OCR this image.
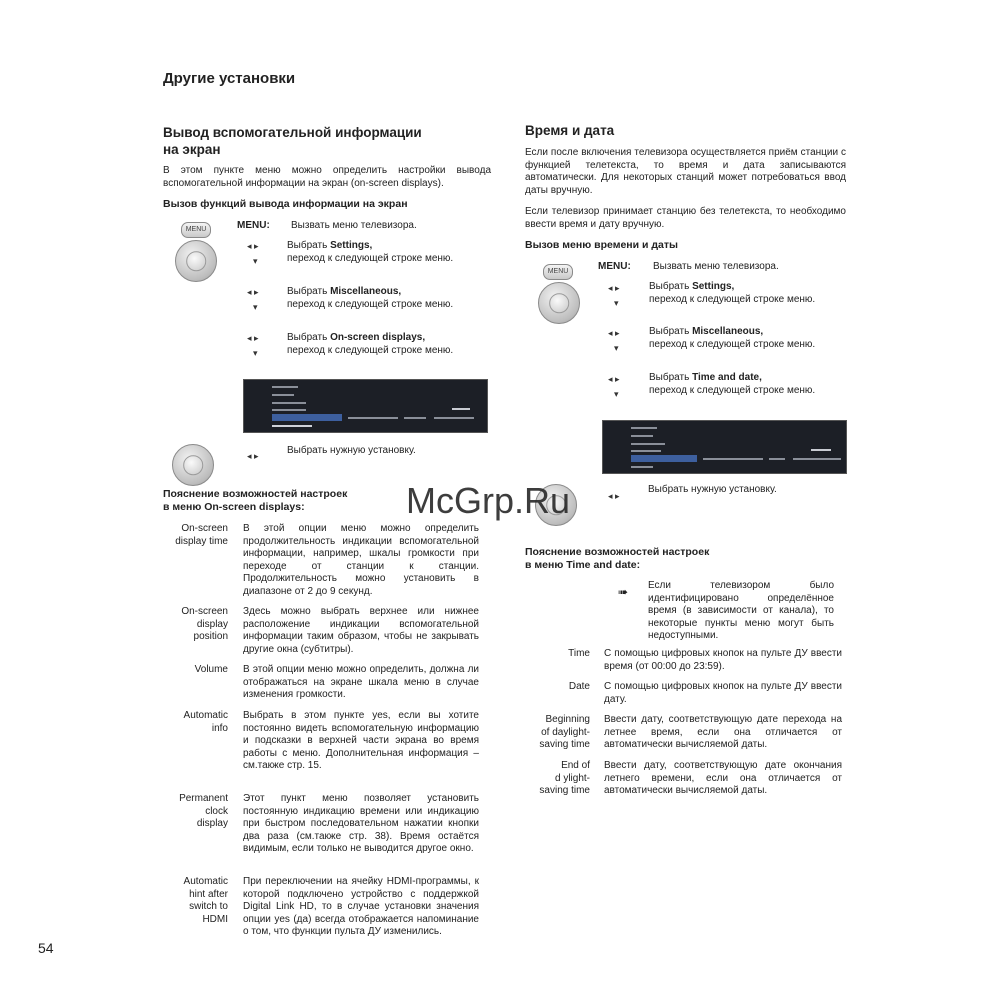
Другие установки
Вывод вспомогательной информации
на экран
В этом пункте меню можно определить настройки вывода вспомогательной информации на экран (on-screen displays).
Вызов функций вывода информации на экран
MENU	MENU: Вызвать меню телевизора.
◂ ▸
▾
Выбрать Settings,
переход к следующей строке меню.
◂ ▸
▾
Выбрать Miscellaneous,
переход к следующей строке меню.
◂ ▸
▾
Выбрать On-screen displays,
переход к следующей строке меню.
◂ ▸	Выбрать нужную установку.
Пояснение возможностей настроек
в меню On-screen displays:
On-screen
display time
В этой опции меню можно определить продолжительность индикации вспомогательной информации, например, шкалы громкости при переходе от станции к станции. Продолжительность можно установить в диапазоне от 2 до 9 секунд.
On-screen
display
position
Здесь можно выбрать верхнее или нижнее расположение индикации вспомогательной информации таким образом, чтобы не закрывать другие окна (субтитры).
Volume В этой опции меню можно определить, должна ли отображаться на экране шкала меню в случае изменения громкости.
Automatic
info
Выбрать в этом пункте yes, если вы хотите постоянно видеть вспомогательную информацию и подсказки в верхней части экрана во время работы с меню. Дополнительная информация – см.также стр. 15.
Permanent
clock
display
Этот пункт меню позволяет установить постоянную индикацию времени или индикацию при быстром последовательном нажатии кнопки два раза (см.также стр. 38). Время остаётся видимым, если только не выводится другое окно.
Automatic
hint after
switch to
HDMI
При переключении на ячейку HDMI-программы, к которой подключено устройство с поддержкой Digital Link HD, то в случае установки значения опции yes (да) всегда отображается напоминание о том, что функции пульта ДУ изменились.
Время и дата
Если после включения телевизора осуществляется приём станции с функцией телетекста, то время и дата записываются автоматически. Для некоторых станций может потребоваться ввод даты вручную.
Если телевизор принимает станцию без телетекста, то необходимо ввести время и дату вручную.
Вызов меню времени и даты
MENU	MENU: Вызвать меню телевизора.
◂ ▸
▾
Выбрать Settings,
переход к следующей строке меню.
◂ ▸
▾
Выбрать Miscellaneous,
переход к следующей строке меню.
◂ ▸
▾
Выбрать Time and date,
переход к следующей строке меню.
◂ ▸
Выбрать нужную установку.
Пояснение возможностей настроек
в меню Time and date:
➠ Если телевизором было идентифицировано определённое время (в зависимости от канала), то некоторые пункты меню могут быть недоступными.
Time С помощью цифровых кнопок на пульте ДУ ввести время (от 00:00 до 23:59).
Date С помощью цифровых кнопок на пульте ДУ ввести дату.
Beginning
of daylight-
saving time
Ввести дату, соответствующую дате перехода на летнее время, если она отличается от автоматически вычисляемой даты.
End of
d ylight-
saving time
Ввести дату, соответствующую дате окончания летнего времени, если она отличается от автоматически вычисляемой даты.
McGrp.Ru
54
